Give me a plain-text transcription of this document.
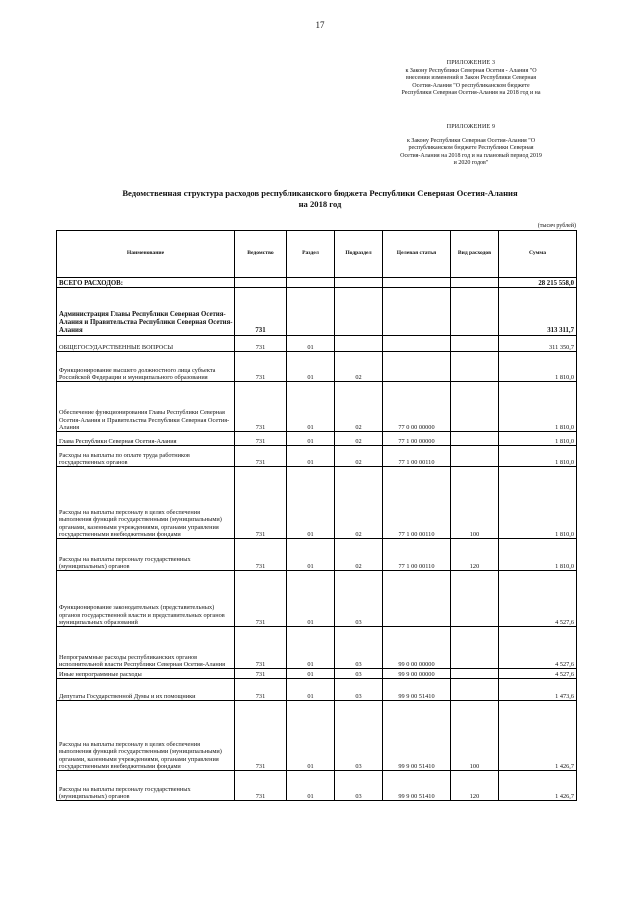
17
ПРИЛОЖЕНИЕ 3
к Закону Республики Северная Осетия - Алания "О
внесении изменений в Закон Республики Северная
Осетия-Алания "О республиканском бюджете
Республики Северная Осетия-Алания на 2018 год и на
ПРИЛОЖЕНИЕ 9
к Закону Республики Северная Осетия-Алания "О
республиканском бюджете Республики Северная
Осетия-Алания на 2018 год и на плановый период 2019
и 2020 годов"
Ведомственная структура расходов республиканского бюджета Республики Северная Осетия-Алания
на 2018 год
(тысяч рублей)
Наименование	Ведомство	Раздел	Подраздел	Целевая статья	Вид расходов	Сумма
ВСЕГО РАСХОДОВ:						28 215 558,0
Администрация Главы Республики Северная Осетия-Алания и Правительства Республики Северная Осетия-Алания	731					313 311,7
ОБЩЕГОСУДАРСТВЕННЫЕ ВОПРОСЫ	731	01				311 350,7
Функционирование высшего должностного лица субъекта Российской Федерации и муниципального образования	731	01	02			1 810,0
Обеспечение функционирования Главы Республики Северная Осетия-Алания и Правительства Республики Северная Осетия-Алания	731	01	02	77 0 00 00000		1 810,0
Глава Республики Северная Осетия-Алания	731	01	02	77 1 00 00000		1 810,0
Расходы на выплаты по оплате труда работников государственных органов	731	01	02	77 1 00 00110		1 810,0
Расходы на выплаты персоналу в целях обеспечения выполнения функций государственными (муниципальными) органами, казенными учреждениями, органами управления государственными внебюджетными фондами	731	01	02	77 1 00 00110	100	1 810,0
Расходы на выплаты персоналу государственных (муниципальных) органов	731	01	02	77 1 00 00110	120	1 810,0
Функционирование законодательных (представительных) органов государственной власти и представительных органов муниципальных образований	731	01	03			4 527,6
Непрограммные расходы республиканских органов исполнительной власти Республики Северная Осетия-Алания	731	01	03	99 0 00 00000		4 527,6
Иные непрограммные расходы	731	01	03	99 9 00 00000		4 527,6
Депутаты Государственной Думы и их помощники	731	01	03	99 9 00 51410		1 473,6
Расходы на выплаты персоналу в целях обеспечения выполнения функций государственными (муниципальными) органами, казенными учреждениями, органами управления государственными внебюджетными фондами	731	01	03	99 9 00 51410	100	1 426,7
Расходы на выплаты персоналу государственных (муниципальных) органов	731	01	03	99 9 00 51410	120	1 426,7
